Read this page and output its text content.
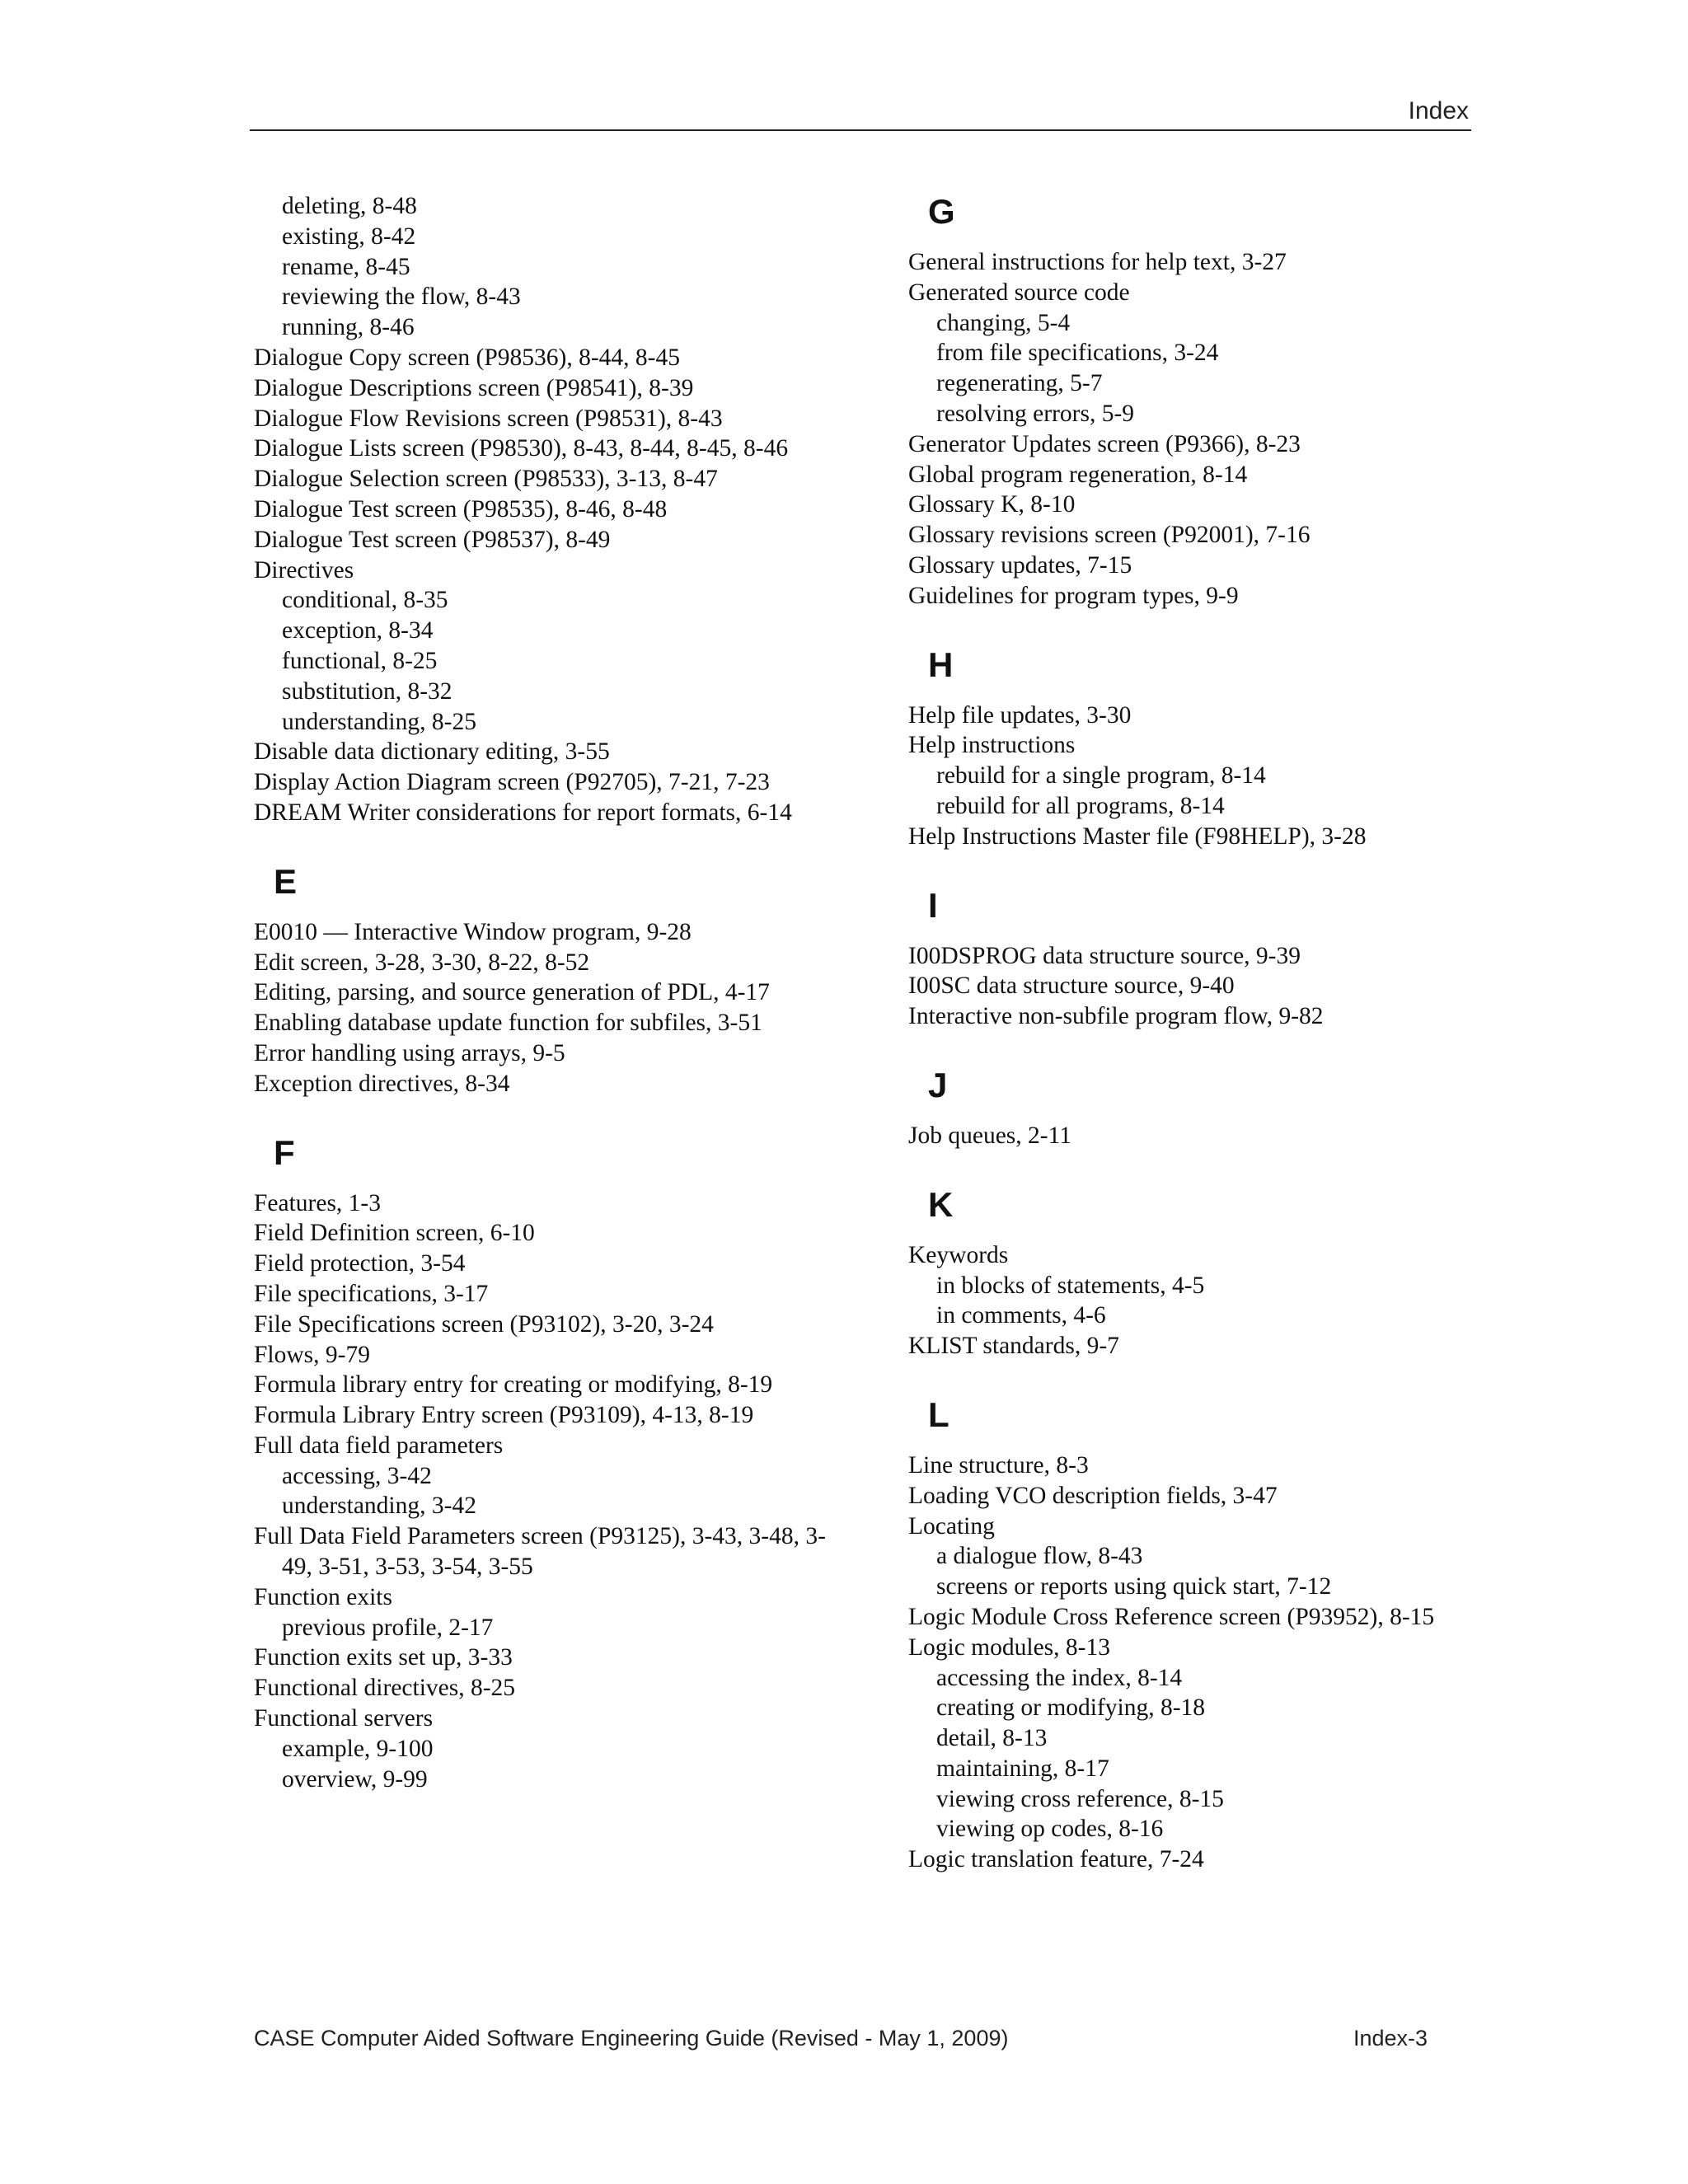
Index
deleting, 8-48
existing, 8-42
rename, 8-45
reviewing the flow, 8-43
running, 8-46
Dialogue Copy screen (P98536), 8-44, 8-45
Dialogue Descriptions screen (P98541), 8-39
Dialogue Flow Revisions screen (P98531), 8-43
Dialogue Lists screen (P98530), 8-43, 8-44, 8-45, 8-46
Dialogue Selection screen (P98533), 3-13, 8-47
Dialogue Test screen (P98535), 8-46, 8-48
Dialogue Test screen (P98537), 8-49
Directives
conditional, 8-35
exception, 8-34
functional, 8-25
substitution, 8-32
understanding, 8-25
Disable data dictionary editing, 3-55
Display Action Diagram screen (P92705), 7-21, 7-23
DREAM Writer considerations for report formats, 6-14
E
E0010 — Interactive Window program, 9-28
Edit screen, 3-28, 3-30, 8-22, 8-52
Editing, parsing, and source generation of PDL, 4-17
Enabling database update function for subfiles, 3-51
Error handling using arrays, 9-5
Exception directives, 8-34
F
Features, 1-3
Field Definition screen, 6-10
Field protection, 3-54
File specifications, 3-17
File Specifications screen (P93102), 3-20, 3-24
Flows, 9-79
Formula library entry for creating or modifying, 8-19
Formula Library Entry screen (P93109), 4-13, 8-19
Full data field parameters
accessing, 3-42
understanding, 3-42
Full Data Field Parameters screen (P93125), 3-43, 3-48, 3-49, 3-51, 3-53, 3-54, 3-55
Function exits
previous profile, 2-17
Function exits set up, 3-33
Functional directives, 8-25
Functional servers
example, 9-100
overview, 9-99
G
General instructions for help text, 3-27
Generated source code
changing, 5-4
from file specifications, 3-24
regenerating, 5-7
resolving errors, 5-9
Generator Updates screen (P9366), 8-23
Global program regeneration, 8-14
Glossary K, 8-10
Glossary revisions screen (P92001), 7-16
Glossary updates, 7-15
Guidelines for program types, 9-9
H
Help file updates, 3-30
Help instructions
rebuild for a single program, 8-14
rebuild for all programs, 8-14
Help Instructions Master file (F98HELP), 3-28
I
I00DSPROG data structure source, 9-39
I00SC data structure source, 9-40
Interactive non-subfile program flow, 9-82
J
Job queues, 2-11
K
Keywords
in blocks of statements, 4-5
in comments, 4-6
KLIST standards, 9-7
L
Line structure, 8-3
Loading VCO description fields, 3-47
Locating
a dialogue flow, 8-43
screens or reports using quick start, 7-12
Logic Module Cross Reference screen (P93952), 8-15
Logic modules, 8-13
accessing the index, 8-14
creating or modifying, 8-18
detail, 8-13
maintaining, 8-17
viewing cross reference, 8-15
viewing op codes, 8-16
Logic translation feature, 7-24
CASE Computer Aided Software Engineering Guide (Revised - May 1, 2009)	Index-3
